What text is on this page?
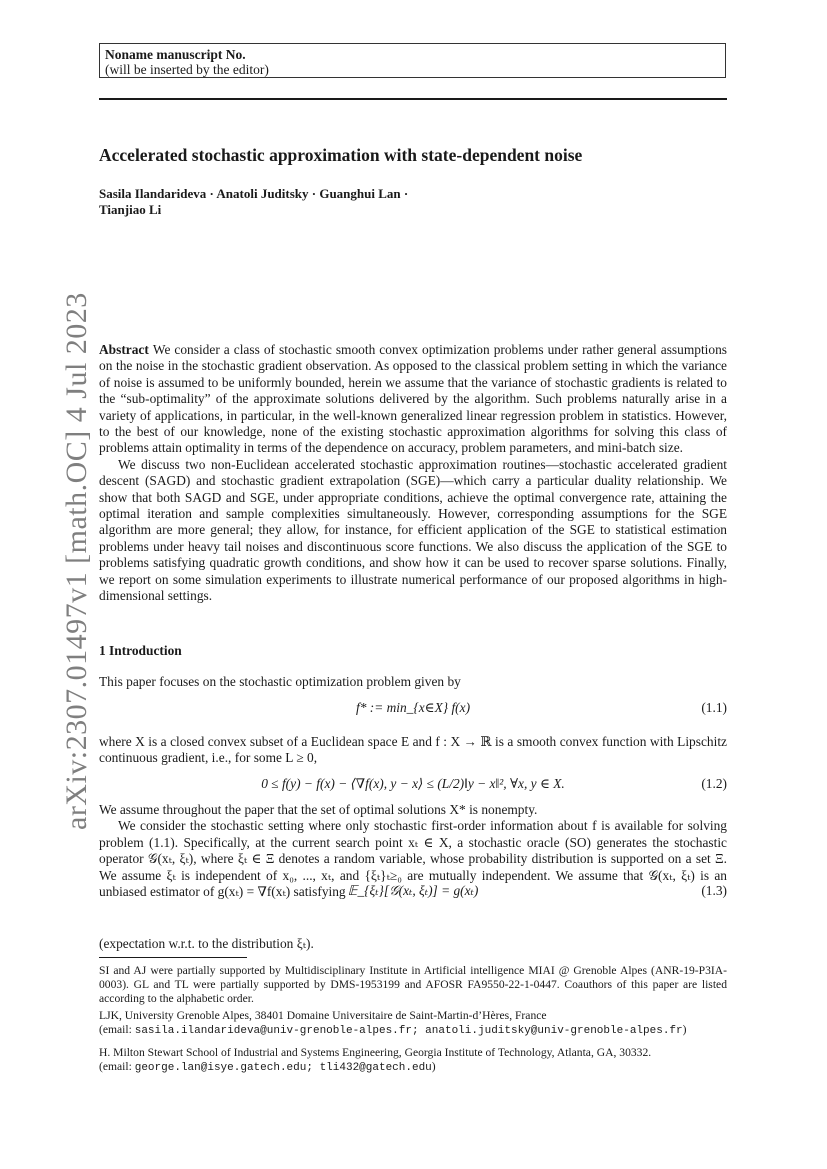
Noname manuscript No.
(will be inserted by the editor)
Accelerated stochastic approximation with state-dependent noise
Sasila Ilandarideva · Anatoli Juditsky · Guanghui Lan ·
Tianjiao Li
arXiv:2307.01497v1 [math.OC] 4 Jul 2023 Abstract We consider a class of stochastic smooth convex optimization problems under rather general assumptions on the noise in the stochastic gradient observation. As opposed to the classical problem setting in which the variance of noise is assumed to be uniformly bounded, herein we assume that the variance of stochastic gradients is related to the “sub-optimality” of the approximate solutions delivered by the algorithm. Such problems naturally arise in a variety of applications, in particular, in the well-known generalized linear regression problem in statistics. However, to the best of our knowledge, none of the existing stochastic approximation algorithms for solving this class of problems attain optimality in terms of the dependence on accuracy, problem parameters, and mini-batch size.

We discuss two non-Euclidean accelerated stochastic approximation routines—stochastic accelerated gradient descent (SAGD) and stochastic gradient extrapolation (SGE)—which carry a particular duality relationship. We show that both SAGD and SGE, under appropriate conditions, achieve the optimal convergence rate, attaining the optimal iteration and sample complexities simultaneously. However, corresponding assumptions for the SGE algorithm are more general; they allow, for instance, for efficient application of the SGE to statistical estimation problems under heavy tail noises and discontinuous score functions. We also discuss the application of the SGE to problems satisfying quadratic growth conditions, and show how it can be used to recover sparse solutions. Finally, we report on some simulation experiments to illustrate numerical performance of our proposed algorithms in high-dimensional settings.

1 Introduction

This paper focuses on the stochastic optimization problem given by

f* := min_{x∈X} f(x)	(1.1)

where X is a closed convex subset of a Euclidean space E and f : X → ℝ is a smooth convex function with Lipschitz continuous gradient, i.e., for some L ≥ 0,

0 ≤ f(y) − f(x) − ⟨∇f(x), y − x⟩ ≤ (L/2)‖y − x‖², ∀x, y ∈ X.	(1.2)

We assume throughout the paper that the set of optimal solutions X* is nonempty.

We consider the stochastic setting where only stochastic first-order information about f is available for solving problem (1.1). Specifically, at the current search point xₜ ∈ X, a stochastic oracle (SO) generates the stochastic operator 𝒢(xₜ, ξₜ), where ξₜ ∈ Ξ denotes a random variable, whose probability distribution is supported on a set Ξ. We assume ξₜ is independent of x₀, ..., xₜ, and {ξₜ}ₜ≥₀ are mutually independent. We assume that 𝒢(xₜ, ξₜ) is an unbiased estimator of g(xₜ) = ∇f(xₜ) satisfying 𝔼_{ξₜ}[𝒢(xₜ, ξₜ)] = g(xₜ)	(1.3)

(expectation w.r.t. to the distribution ξₜ).

SI and AJ were partially supported by Multidisciplinary Institute in Artificial intelligence MIAI @ Grenoble Alpes (ANR-19-P3IA-0003). GL and TL were partially supported by DMS-1953199 and AFOSR FA9550-22-1-0447. Coauthors of this paper are listed according to the alphabetic order.
LJK, University Grenoble Alpes, 38401 Domaine Universitaire de Saint-Martin-d’Hères, France
(email: sasila.ilandarideva@univ-grenoble-alpes.fr; anatoli.juditsky@univ-grenoble-alpes.fr)
H. Milton Stewart School of Industrial and Systems Engineering, Georgia Institute of Technology, Atlanta, GA, 30332.
(email: george.lan@isye.gatech.edu; tli432@gatech.edu)
